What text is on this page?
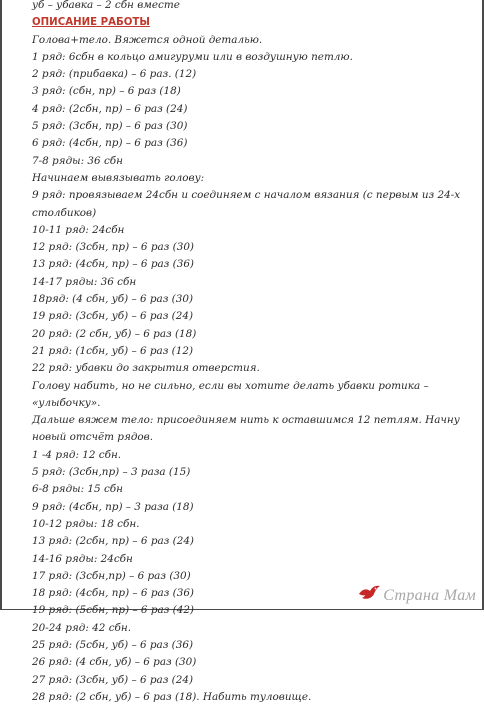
уб – убавка – 2 сбн вместе
ОПИСАНИЕ РАБОТЫ
Голова+тело. Вяжется одной деталью.
1 ряд: 6сбн в кольцо амигуруми или в воздушную петлю.
2 ряд: (прибавка) – 6 раз. (12)
3 ряд: (сбн, пр) – 6 раз (18)
4 ряд: (2сбн, пр) – 6 раз (24)
5 ряд: (3сбн, пр) – 6 раз (30)
6 ряд: (4сбн, пр) – 6 раз (36)
7-8 ряды: 36 сбн
Начинаем вывязывать голову:
9 ряд: провязываем 24сбн и соединяем с началом вязания (с первым из 24-х столбиков)
10-11 ряд: 24сбн
12 ряд: (3сбн, пр) – 6 раз (30)
13 ряд: (4сбн, пр) – 6 раз (36)
14-17 ряды: 36 сбн
18ряд: (4 сбн, уб) – 6 раз (30)
19 ряд: (3сбн, уб) – 6 раз (24)
20 ряд: (2 сбн, уб) – 6 раз (18)
21 ряд: (1сбн, уб) – 6 раз (12)
22 ряд: убавки до закрытия отверстия.
Голову набить, но не сильно, если вы хотите делать убавки ротика – «улыбочку».
Дальше вяжем тело: присоединяем нить к оставшимся 12 петлям. Начну новый отсчёт рядов.
1 -4 ряд: 12 сбн.
5 ряд: (3сбн,пр) – 3 раза (15)
6-8 ряды: 15 сбн
9 ряд: (4сбн, пр) – 3 раза (18)
10-12 ряды: 18 сбн.
13 ряд: (2сбн, пр) – 6 раз (24)
14-16 ряды: 24сбн
17 ряд: (3сбн,пр) – 6 раз (30)
18 ряд: (4сбн, пр) – 6 раз (36)
19 ряд: (5сбн, пр) – 6 раз (42)
20-24 ряд: 42 сбн.
25 ряд: (5сбн, уб) – 6 раз (36)
26 ряд: (4 сбн, уб) – 6 раз (30)
27 ряд: (3сбн, уб) – 6 раз (24)
28 ряд: (2 сбн, уб) – 6 раз (18). Набить туловище.
Страна Мам
